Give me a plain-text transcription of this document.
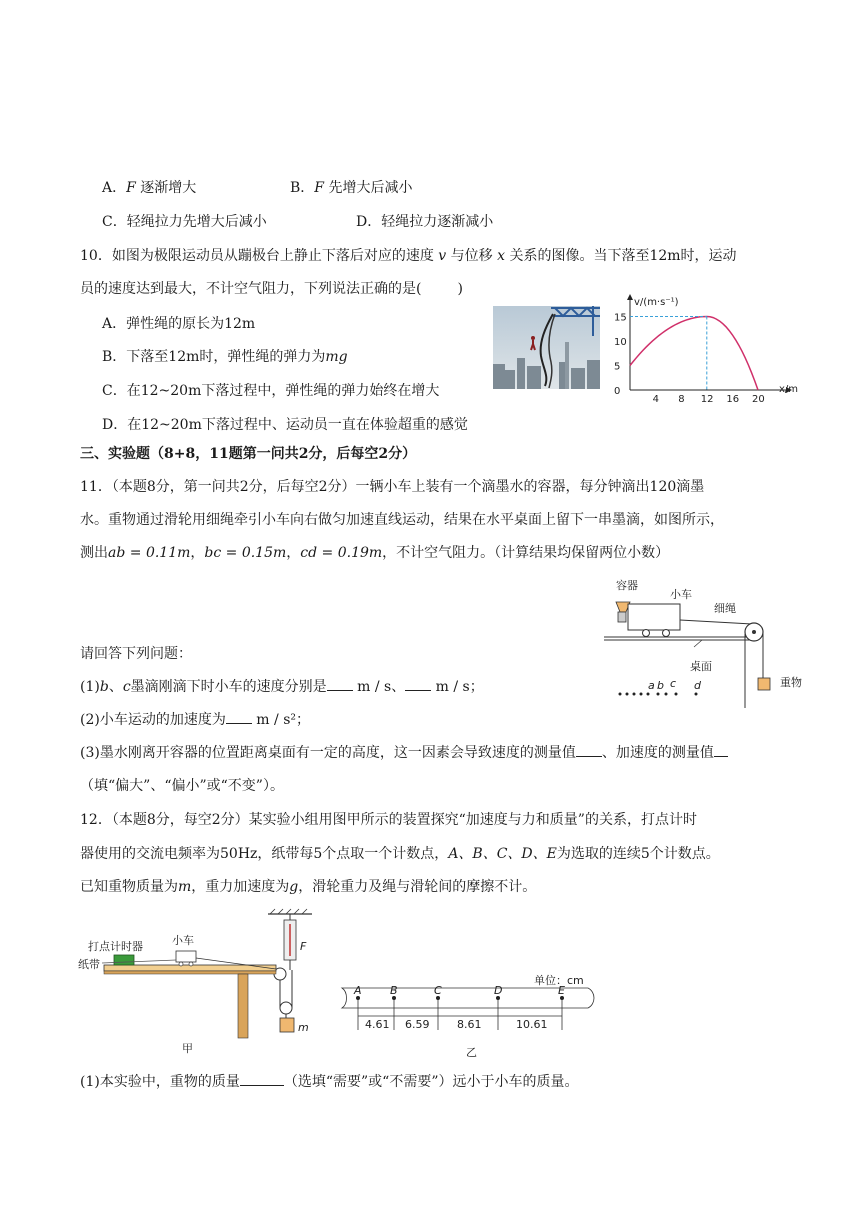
A．F 逐渐增大	B．F 先增大后减小
C．轻绳拉力先增大后减小	D．轻绳拉力逐渐减小
10．如图为极限运动员从蹦极台上静止下落后对应的速度 v 与位移 x 关系的图像。当下落至12m时，运动
员的速度达到最大，不计空气阻力，下列说法正确的是(	)
A．弹性绳的原长为12m
B．下落至12m时，弹性绳的弹力为mg
C．在12~20m下落过程中，弹性绳的弹力始终在增大
D．在12~20m下落过程中、运动员一直在体验超重的感觉
v/(m·s⁻¹)
x/m
15
10
5
0
4 8 12 16 20
三、实验题（8+8，11题第一问共2分，后每空2分）
11．（本题8分，第一问共2分，后每空2分）一辆小车上装有一个滴墨水的容器，每分钟滴出120滴墨
水。重物通过滑轮用细绳牵引小车向右做匀加速直线运动，结果在水平桌面上留下一串墨滴，如图所示，
测出ab = 0.11m，bc = 0.15m，cd = 0.19m，不计空气阻力。（计算结果均保留两位小数）
容器
小车
细绳
桌面
重物
a b c d
请回答下列问题：
(1)b、c墨滴刚滴下时小车的速度分别是 m / s、 m / s；
(2)小车运动的加速度为 m / s²；
(3)墨水刚离开容器的位置距离桌面有一定的高度，这一因素会导致速度的测量值 、加速度的测量值
（填“偏大”、“偏小”或“不变”）。
12．（本题8分，每空2分）某实验小组用图甲所示的装置探究“加速度与力和质量”的关系，打点计时
器使用的交流电频率为50Hz，纸带每5个点取一个计数点，A、B、C、D、E为选取的连续5个计数点。
已知重物质量为m，重力加速度为g，滑轮重力及绳与滑轮间的摩擦不计。
打点计时器	小车
纸带
F
m
甲
单位：cm
A	B	C	D	E
4.61 6.59	8.61	10.61
乙
(1)本实验中，重物的质量	（选填“需要”或“不需要”）远小于小车的质量。
